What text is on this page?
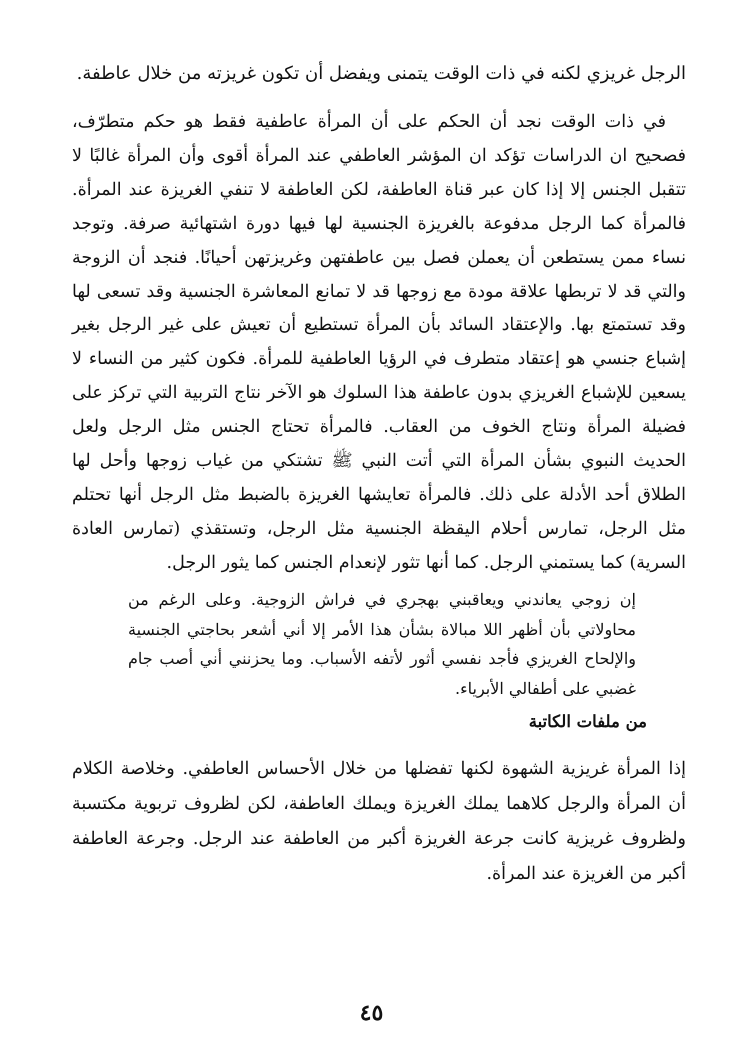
الرجل غريزي لكنه في ذات الوقت يتمنى ويفضل أن تكون غريزته من خلال عاطفة.

في ذات الوقت نجد أن الحكم على أن المرأة عاطفية فقط هو حكم متطرّف، فصحيح ان الدراسات تؤكد ان المؤشر العاطفي عند المرأة أقوى وأن المرأة غالبًا لا تتقبل الجنس إلا إذا كان عبر قناة العاطفة، لكن العاطفة لا تنفي الغريزة عند المرأة. فالمرأة كما الرجل مدفوعة بالغريزة الجنسية لها فيها دورة اشتهائية صرفة. وتوجد نساء ممن يستطعن أن يعملن فصل بين عاطفتهن وغريزتهن أحيانًا. فنجد أن الزوجة والتي قد لا تربطها علاقة مودة مع زوجها قد لا تمانع المعاشرة الجنسية وقد تسعى لها وقد تستمتع بها. والإعتقاد السائد بأن المرأة تستطيع أن تعيش على غير الرجل بغير إشباع جنسي هو إعتقاد متطرف في الرؤيا العاطفية للمرأة. فكون كثير من النساء لا يسعين للإشباع الغريزي بدون عاطفة هذا السلوك هو الآخر نتاج التربية التي تركز على فضيلة المرأة ونتاج الخوف من العقاب. فالمرأة تحتاج الجنس مثل الرجل ولعل الحديث النبوي بشأن المرأة التي أتت النبي ﷺ تشتكي من غياب زوجها وأحل لها الطلاق أحد الأدلة على ذلك. فالمرأة تعايشها الغريزة بالضبط مثل الرجل أنها تحتلم مثل الرجل، تمارس أحلام اليقظة الجنسية مثل الرجل، وتستقذي (تمارس العادة السرية) كما يستمني الرجل. كما أنها تثور لإنعدام الجنس كما يثور الرجل.

إن زوجي يعاندني ويعاقبني بهجري في فراش الزوجية. وعلى الرغم من محاولاتي بأن أظهر اللا مبالاة بشأن هذا الأمر إلا أني أشعر بحاجتي الجنسية والإلحاح الغريزي فأجد نفسي أثور لأتفه الأسباب. وما يحزنني أني أصب جام غضبي على أطفالي الأبرياء.

من ملفات الكاتبة

إذا المرأة غريزية الشهوة لكنها تفضلها من خلال الأحساس العاطفي. وخلاصة الكلام أن المرأة والرجل كلاهما يملك الغريزة ويملك العاطفة، لكن لظروف تربوية مكتسبة ولظروف غريزية كانت جرعة الغريزة أكبر من العاطفة عند الرجل. وجرعة العاطفة أكبر من الغريزة عند المرأة.

٤٥
